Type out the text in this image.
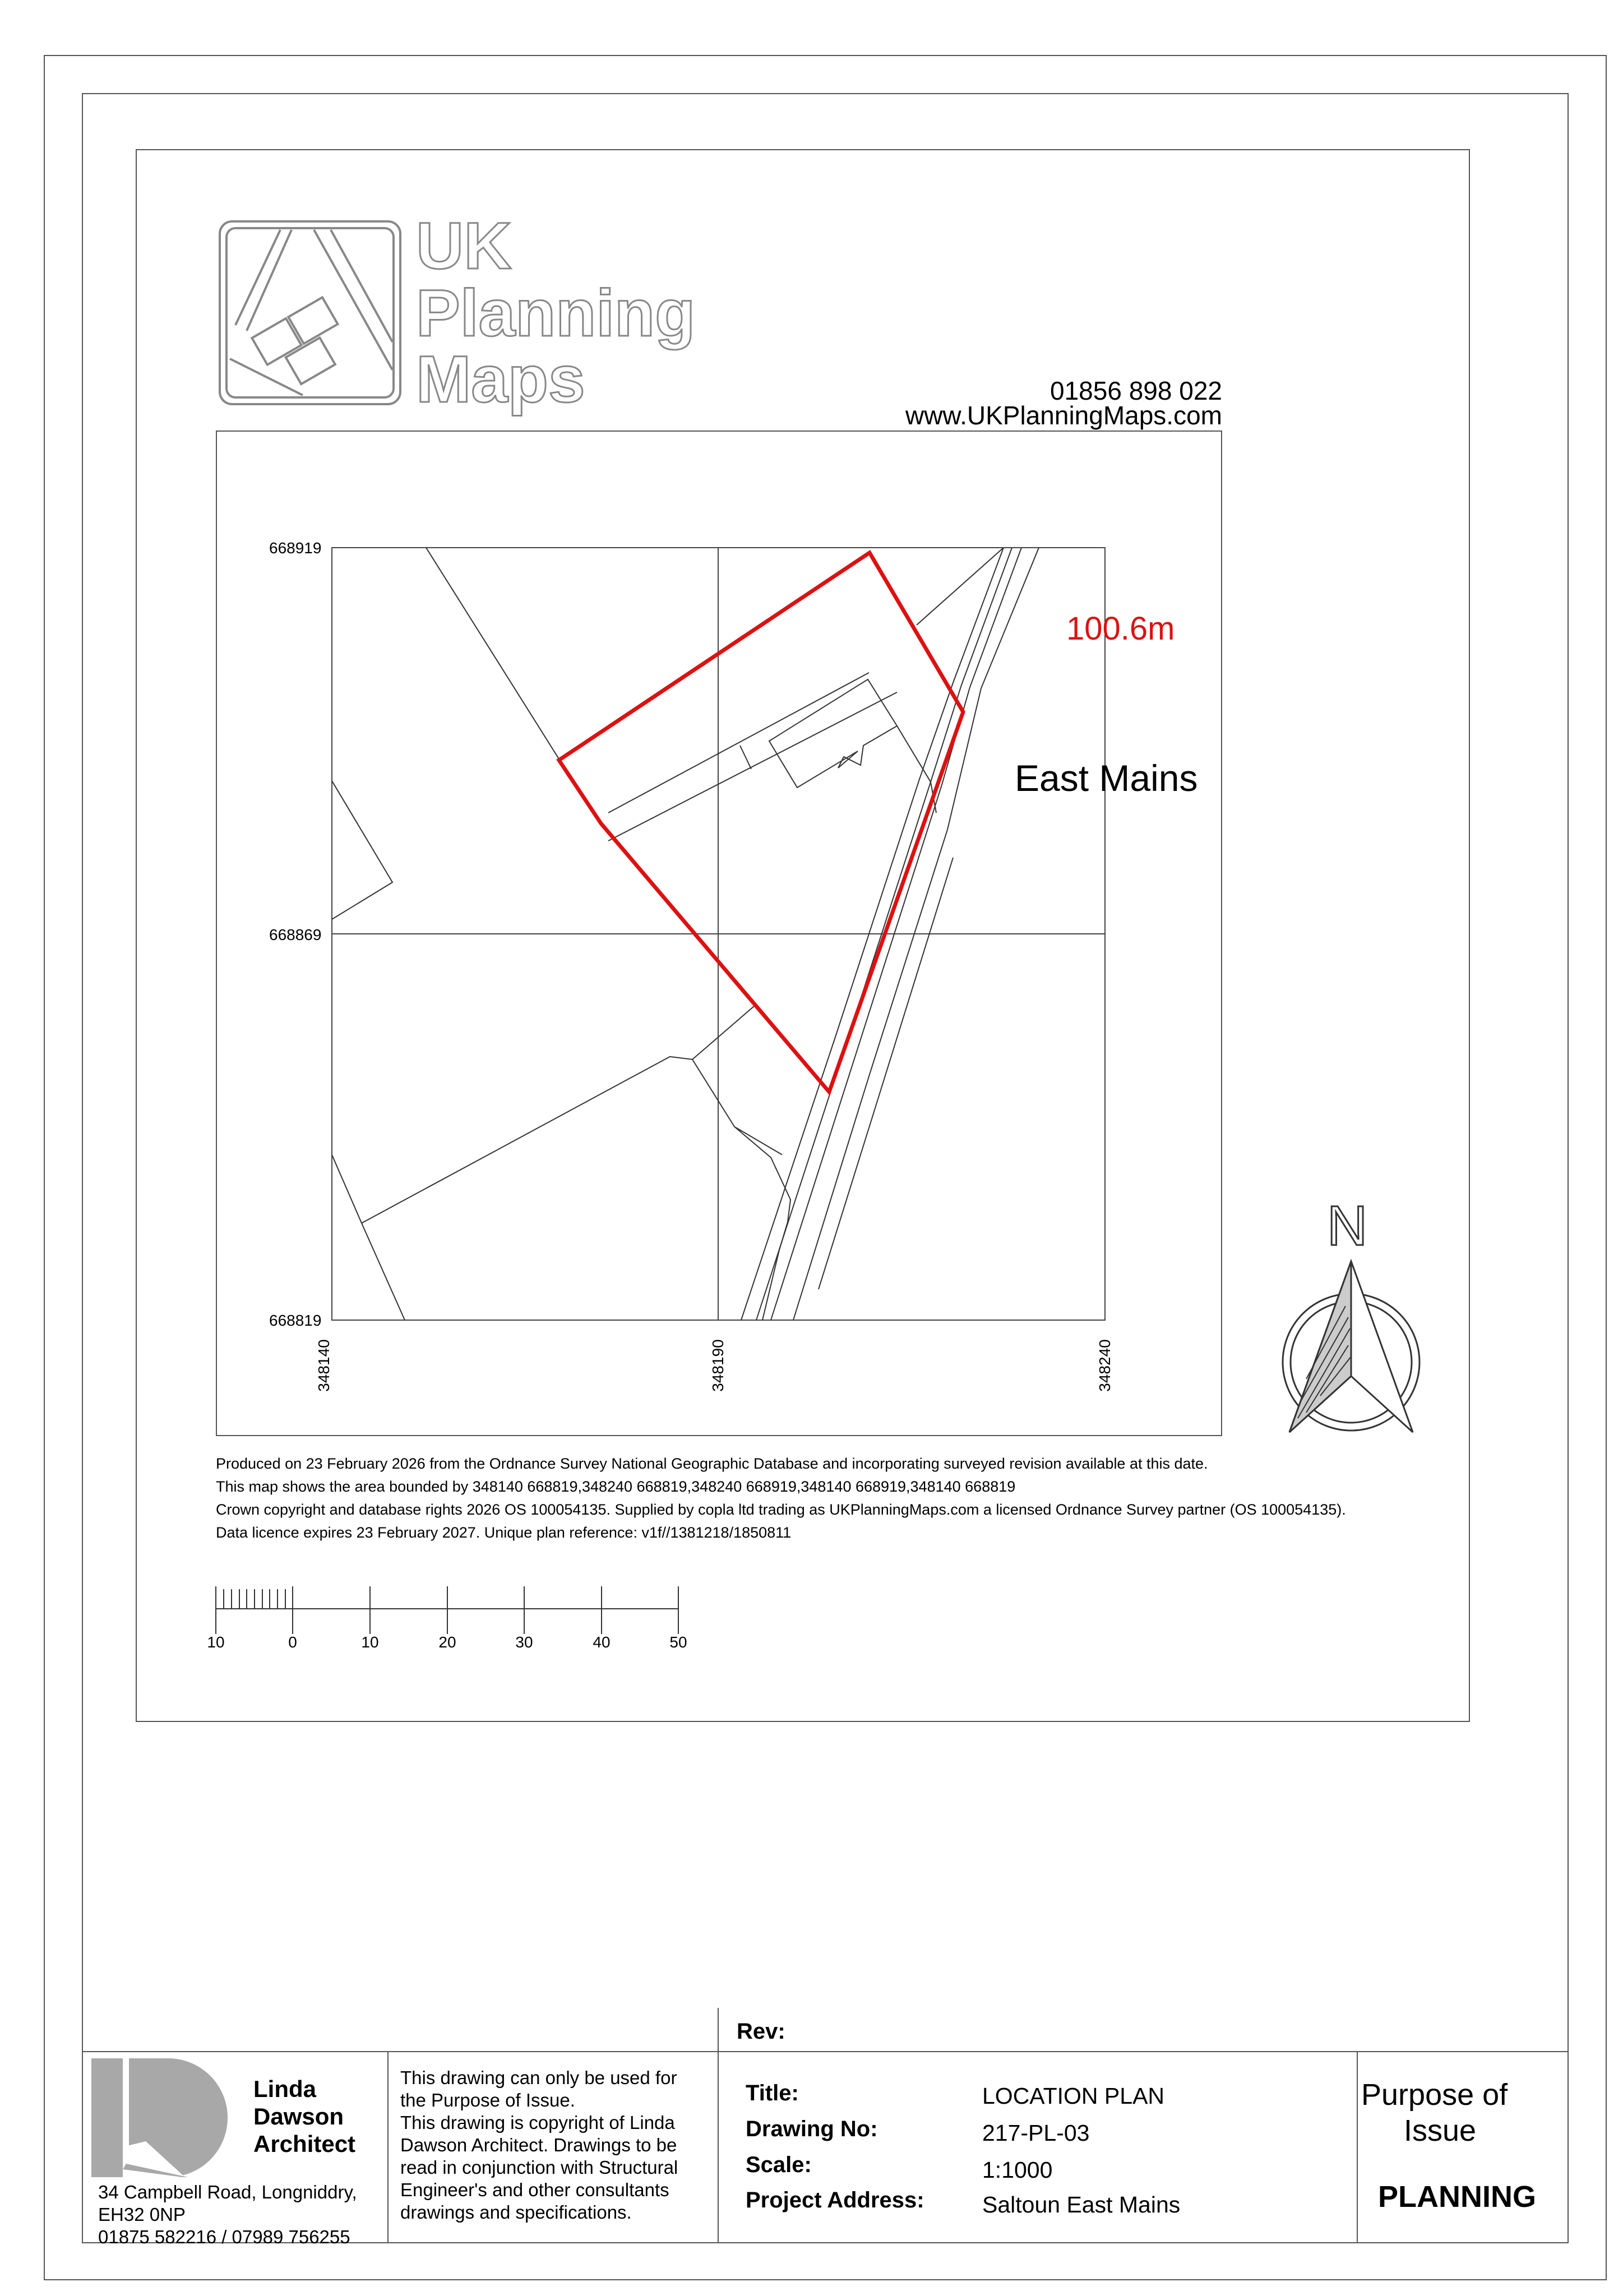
UK
Planning
Maps	01856 898 022
www.UKPlanningMaps.com
668919
668869
668819
348140	348190	348240
100.6m
East Mains
N
Produced on 23 February 2026 from the Ordnance Survey National Geographic Database and incorporating surveyed revision available at this date.
This map shows the area bounded by 348140 668819,348240 668819,348240 668919,348140 668919,348140 668819
Crown copyright and database rights 2026 OS 100054135. Supplied by copla ltd trading as UKPlanningMaps.com a licensed Ordnance Survey partner (OS 100054135).
Data licence expires 23 February 2027. Unique plan reference: v1f//1381218/1850811
10	0	10	20	30	40	50
Rev:
Linda
Dawson
Architect
34 Campbell Road, Longniddry,
EH32 0NP
01875 582216 / 07989 756255
This drawing can only be used for
the Purpose of Issue.
This drawing is copyright of Linda
Dawson Architect. Drawings to be
read in conjunction with Structural
Engineer's and other consultants
drawings and specifications.
Title:	LOCATION PLAN
Drawing No:	217-PL-03
Scale:	1:1000
Project Address:	Saltoun East Mains
Purpose of
Issue
PLANNING
